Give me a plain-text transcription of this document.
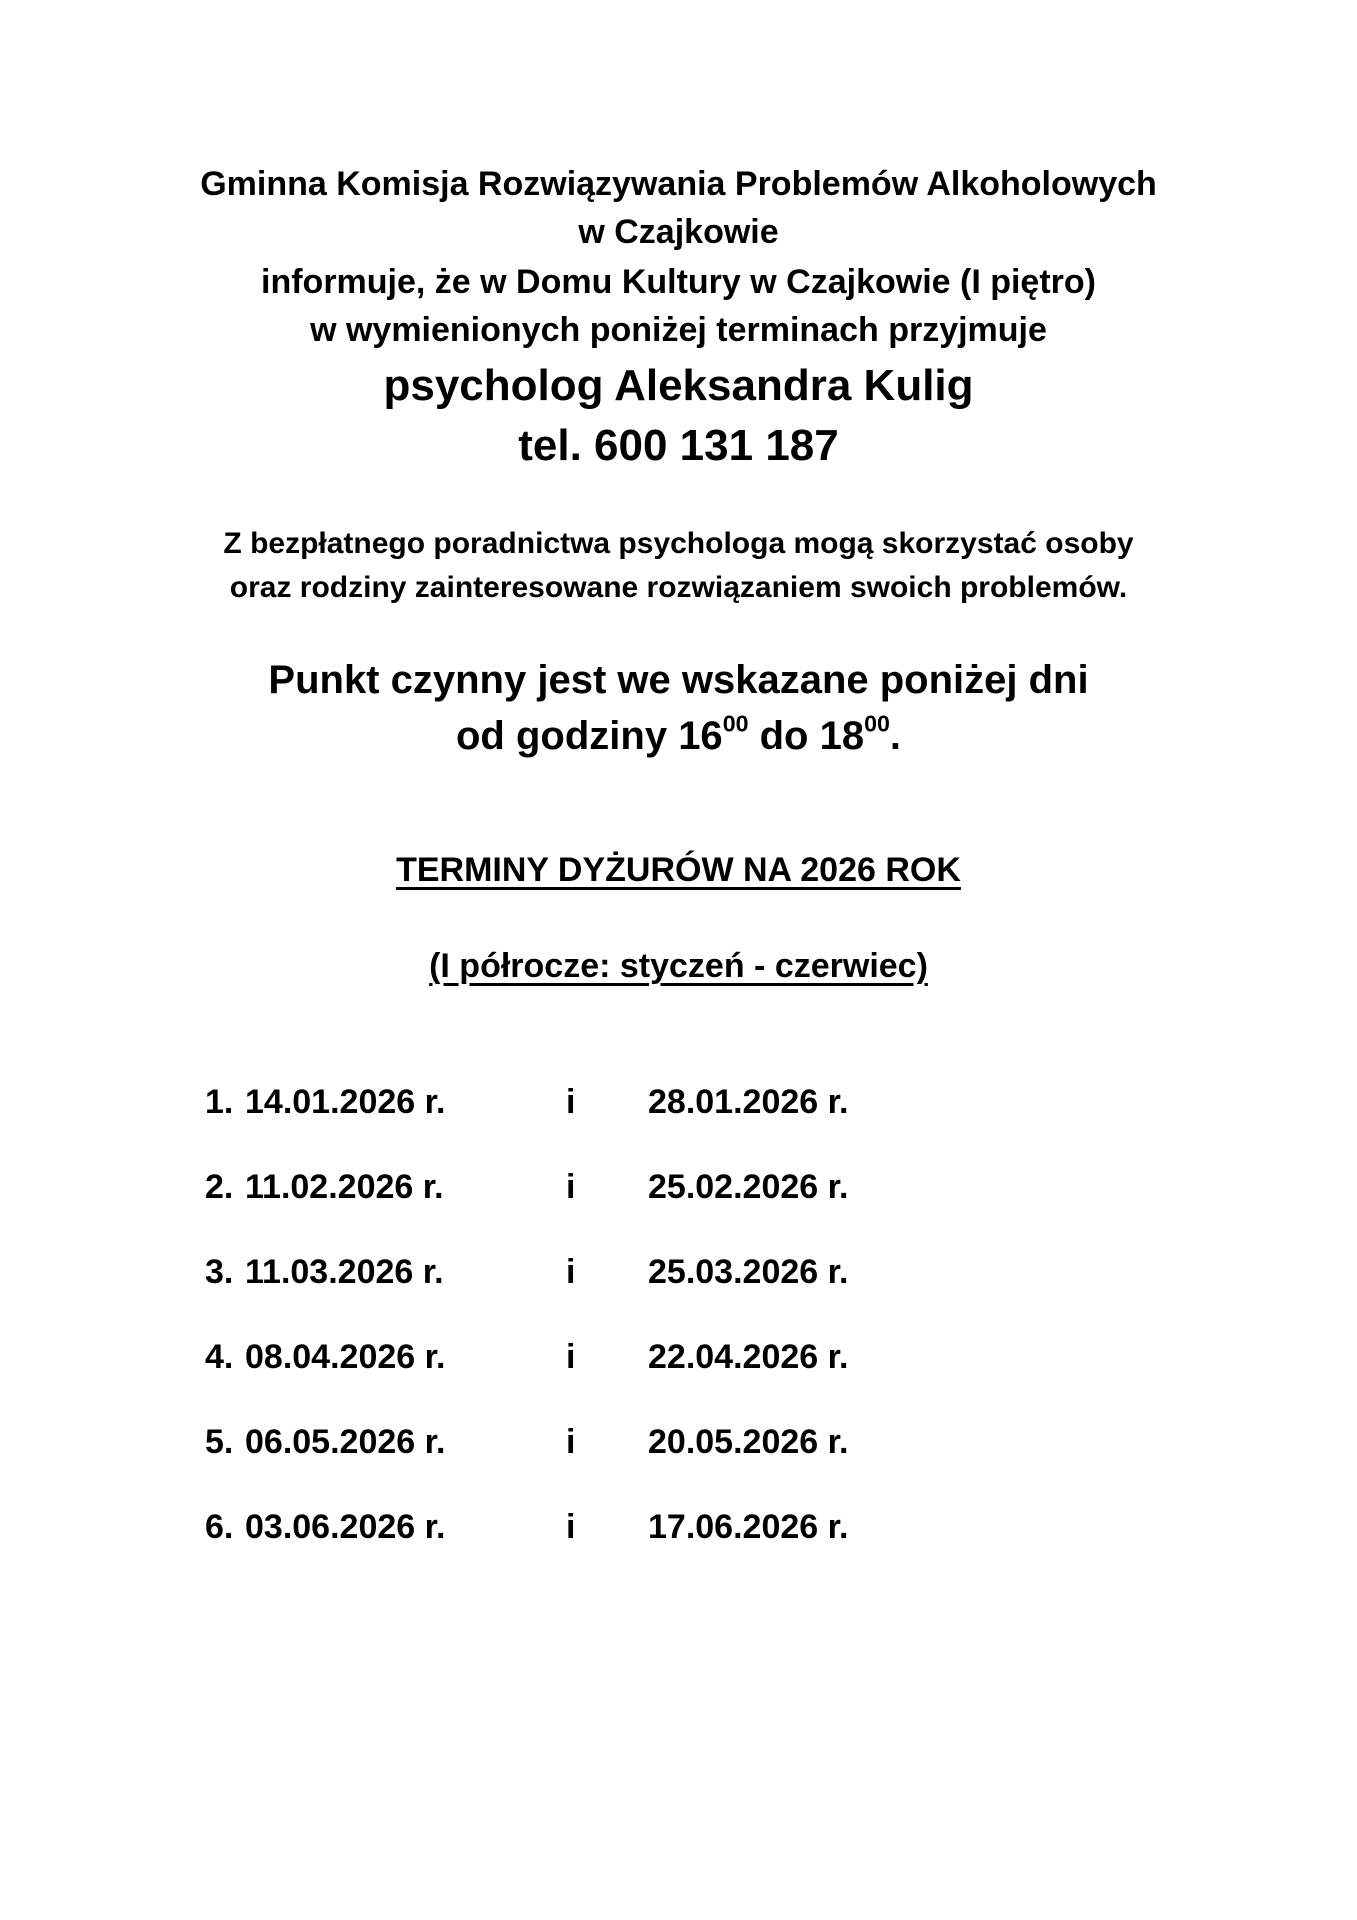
Gminna Komisja Rozwiązywania Problemów Alkoholowych
w Czajkowie
informuje, że w Domu Kultury w Czajkowie (I piętro)
w wymienionych poniżej terminach przyjmuje
psycholog Aleksandra Kulig
tel. 600 131 187
Z bezpłatnego poradnictwa psychologa mogą skorzystać osoby
oraz rodziny zainteresowane rozwiązaniem swoich problemów.
Punkt czynny jest we wskazane poniżej dni
od godziny $16^{00}$ do $18^{00}$.
TERMINY DYŻURÓW NA 2026 ROK
(I półrocze: styczeń - czerwiec)
1. 14.01.2026 r.	i 28.01.2026 r.
2. 11.02.2026 r.	i 25.02.2026 r.
3. 11.03.2026 r.	i 25.03.2026 r.
4. 08.04.2026 r.	i 22.04.2026 r.
5. 06.05.2026 r.	i 20.05.2026 r.
6. 03.06.2026 r.	i 17.06.2026 r.
